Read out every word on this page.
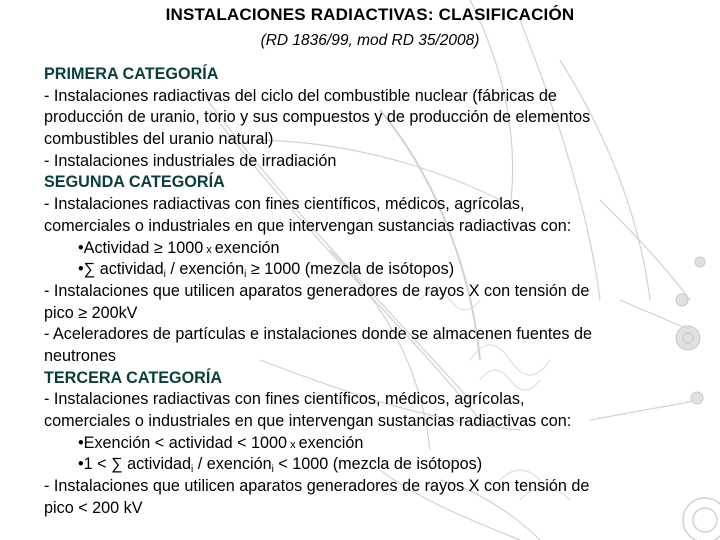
INSTALACIONES RADIACTIVAS: CLASIFICACIÓN
(RD 1836/99, mod RD 35/2008)
PRIMERA CATEGORÍA
- Instalaciones radiactivas del ciclo del combustible nuclear (fábricas de
producción de uranio, torio y sus compuestos y de producción de elementos
combustibles del uranio natural)
- Instalaciones industriales de irradiación
SEGUNDA CATEGORÍA
- Instalaciones radiactivas con fines científicos, médicos, agrícolas,
comerciales o industriales en que intervengan sustancias radiactivas con:
•Actividad ≥ 1000 x exención
•∑ actividad$_i$ / exención$_i$ ≥ 1000 (mezcla de isótopos)
- Instalaciones que utilicen aparatos generadores de rayos X con tensión de
pico ≥ 200kV
- Aceleradores de partículas e instalaciones donde se almacenen fuentes de
neutrones
TERCERA CATEGORÍA
- Instalaciones radiactivas con fines científicos, médicos, agrícolas,
comerciales o industriales en que intervengan sustancias radiactivas con:
•Exención < actividad < 1000 x exención
•1 < ∑ actividad$_i$ / exención$_i$ < 1000 (mezcla de isótopos)
- Instalaciones que utilicen aparatos generadores de rayos X con tensión de
pico < 200 kV
